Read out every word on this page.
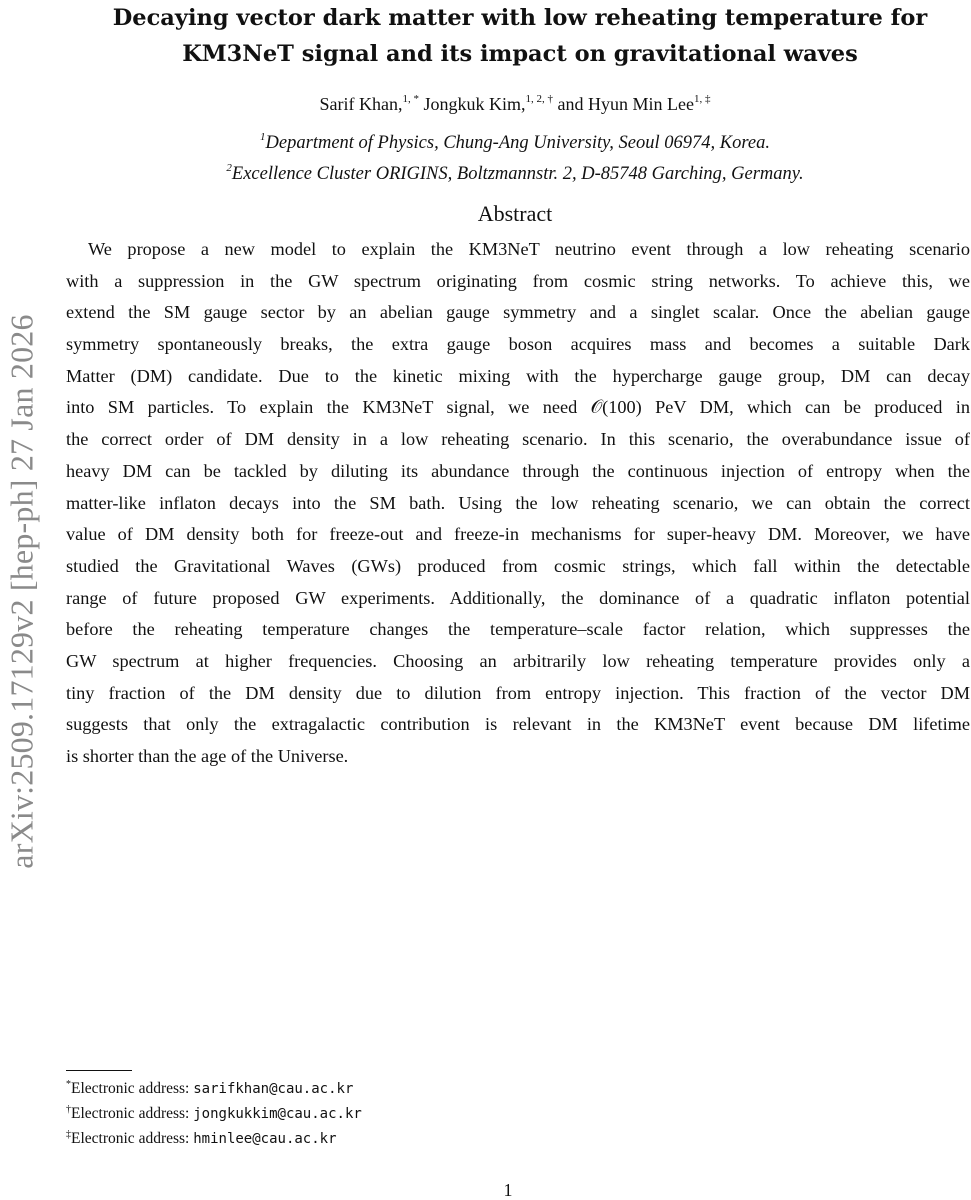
arXiv:2509.17129v2 [hep-ph] 27 Jan 2026
Decaying vector dark matter with low reheating temperature for
KM3NeT signal and its impact on gravitational waves
Sarif Khan,$^{1, *}$ Jongkuk Kim,$^{1, 2, \dagger}$ and Hyun Min Lee$^{1, \ddagger}$
$^1$Department of Physics, Chung-Ang University, Seoul 06974, Korea.
$^2$Excellence Cluster ORIGINS, Boltzmannstr. 2, D-85748 Garching, Germany.
Abstract
We propose a new model to explain the KM3NeT neutrino event through a low reheating scenario
with a suppression in the GW spectrum originating from cosmic string networks. To achieve this, we
extend the SM gauge sector by an abelian gauge symmetry and a singlet scalar. Once the abelian gauge
symmetry spontaneously breaks, the extra gauge boson acquires mass and becomes a suitable Dark
Matter (DM) candidate. Due to the kinetic mixing with the hypercharge gauge group, DM can decay
into SM particles. To explain the KM3NeT signal, we need 𝒪(100) PeV DM, which can be produced in
the correct order of DM density in a low reheating scenario. In this scenario, the overabundance issue of
heavy DM can be tackled by diluting its abundance through the continuous injection of entropy when the
matter-like inflaton decays into the SM bath. Using the low reheating scenario, we can obtain the correct
value of DM density both for freeze-out and freeze-in mechanisms for super-heavy DM. Moreover, we have
studied the Gravitational Waves (GWs) produced from cosmic strings, which fall within the detectable
range of future proposed GW experiments. Additionally, the dominance of a quadratic inflaton potential
before the reheating temperature changes the temperature–scale factor relation, which suppresses the
GW spectrum at higher frequencies. Choosing an arbitrarily low reheating temperature provides only a
tiny fraction of the DM density due to dilution from entropy injection. This fraction of the vector DM
suggests that only the extragalactic contribution is relevant in the KM3NeT event because DM lifetime
is shorter than the age of the Universe.
*Electronic address: sarifkhan@cau.ac.kr
†Electronic address: jongkukkim@cau.ac.kr
‡Electronic address: hminlee@cau.ac.kr
1
